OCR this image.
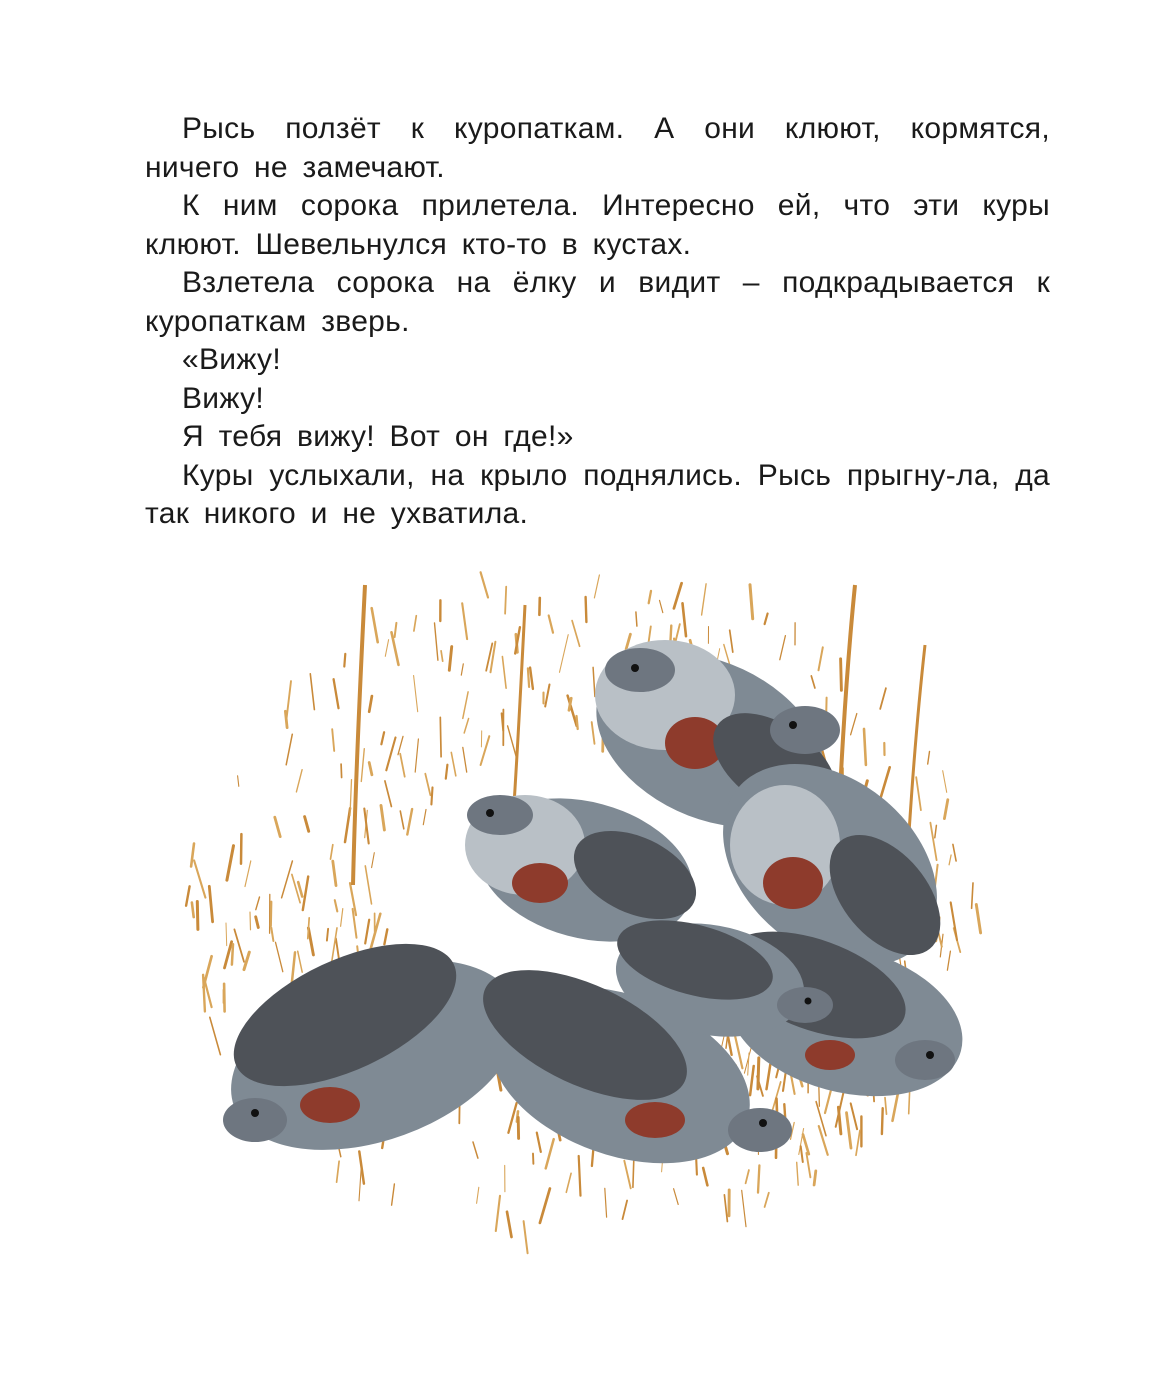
Рысь ползёт к куропаткам. А они клюют, кормятся, ничего не замечают.

К ним сорока прилетела. Интересно ей, что эти куры клюют. Шевельнулся кто-то в кустах.

Взлетела сорока на ёлку и видит – подкрадывается к куропаткам зверь.

«Вижу!

Вижу!

Я тебя вижу! Вот он где!»

Куры услыхали, на крыло поднялись. Рысь прыгну-ла, да так никого и не ухватила.
